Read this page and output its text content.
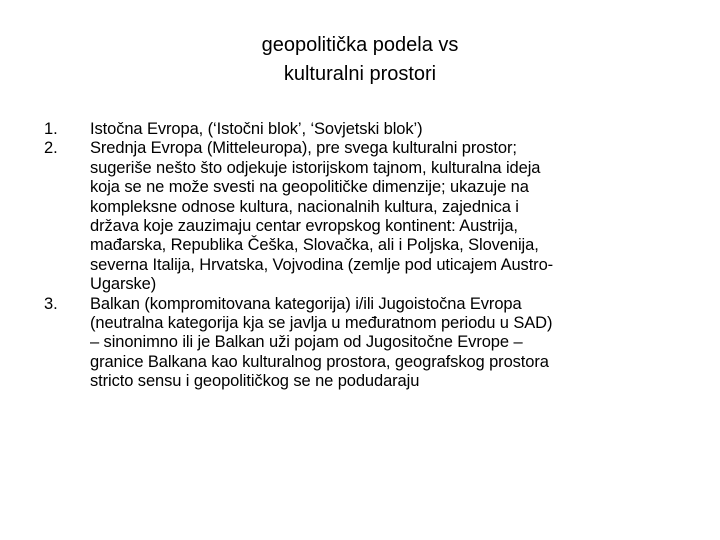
geopolitička podela vs
kulturalni prostori
1.	Istočna Evropa, (‘Istočni blok’, ‘Sovjetski blok’)
2.	Srednja Evropa (Mitteleuropa), pre svega kulturalni prostor;
sugeriše nešto što odjekuje istorijskom tajnom, kulturalna ideja
koja se ne može svesti na geopolitičke dimenzije; ukazuje na
kompleksne odnose kultura, nacionalnih kultura, zajednica i
država koje zauzimaju centar evropskog kontinent: Austrija,
mađarska, Republika Češka, Slovačka, ali i Poljska, Slovenija,
severna Italija, Hrvatska, Vojvodina (zemlje pod uticajem Austro-
Ugarske)
3.	Balkan (kompromitovana kategorija) i/ili Jugoistočna Evropa
(neutralna kategorija kja se javlja u međuratnom periodu u SAD)
– sinonimno ili je Balkan uži pojam od Jugositočne Evrope –
granice Balkana kao kulturalnog prostora, geografskog prostora
stricto sensu i geopolitičkog se ne podudaraju
